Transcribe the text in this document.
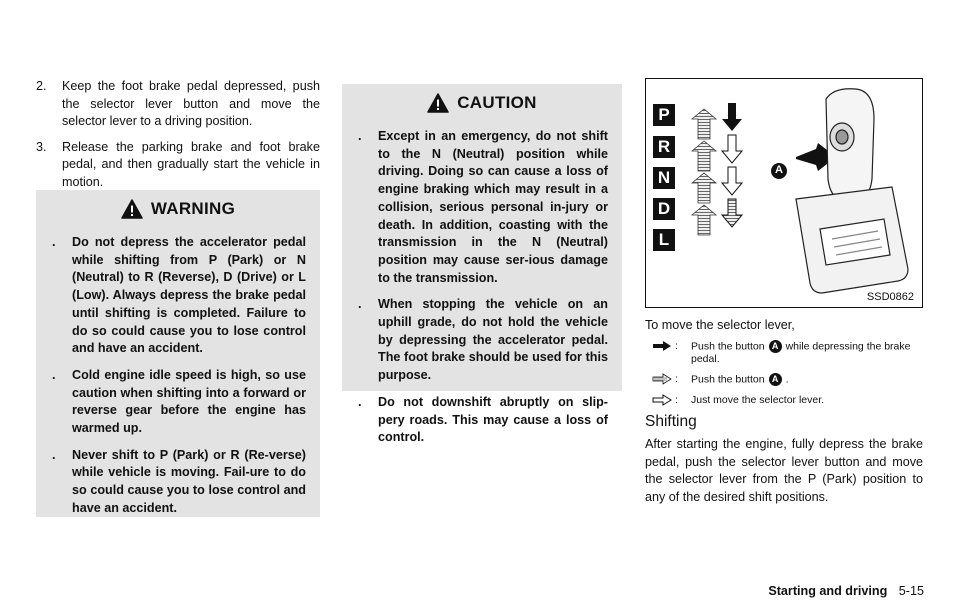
2.	Keep the foot brake pedal depressed, push the selector lever button and move the selector lever to a driving position.
3.	Release the parking brake and foot brake pedal, and then gradually start the vehicle in motion.
WARNING
.	Do not depress the accelerator pedal while shifting from P (Park) or N (Neutral) to R (Reverse), D (Drive) or L (Low). Always depress the brake pedal until shifting is completed. Failure to do so could cause you to lose control and have an accident.
.	Cold engine idle speed is high, so use caution when shifting into a forward or reverse gear before the engine has warmed up.
.	Never shift to P (Park) or R (Re-verse) while vehicle is moving. Fail-ure to do so could cause you to lose control and have an accident.
CAUTION
.	Except in an emergency, do not shift to the N (Neutral) position while driving. Doing so can cause a loss of engine braking which may result in a collision, serious personal in-jury or death. In addition, coasting with the transmission in the N (Neutral) position may cause ser-ious damage to the transmission.
.	When stopping the vehicle on an uphill grade, do not hold the vehicle by depressing the accelerator pedal. The foot brake should be used for this purpose.
.	Do not downshift abruptly on slip-pery roads. This may cause a loss of control.
P
R
N
D
L
A
SSD0862
To move the selector lever,
:	Push the button A while depressing the brake pedal.
:	Push the button A .
:	Just move the selector lever.
Shifting

After starting the engine, fully depress the brake pedal, push the selector lever button and move the selector lever from the P (Park) position to any of the desired shift positions.

Starting and driving 5-15
